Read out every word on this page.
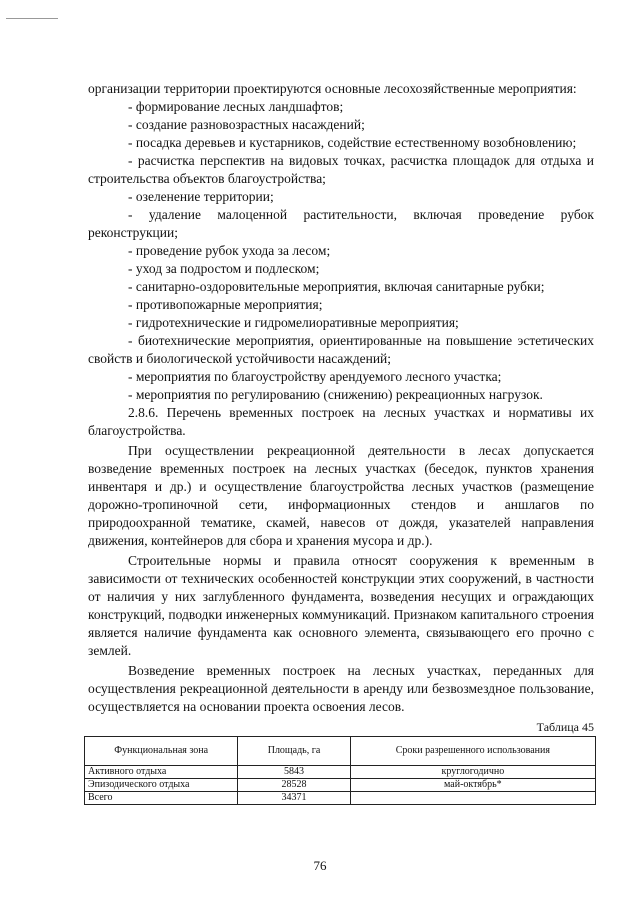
организации территории проектируются основные лесохозяйственные мероприятия:

- формирование лесных ландшафтов;

- создание разновозрастных насаждений;

- посадка деревьев и кустарников, содействие естественному возобновлению;

- расчистка перспектив на видовых точках, расчистка площадок для отдыха и строительства объектов благоустройства;

- озеленение территории;

- удаление малоценной растительности, включая проведение рубок реконструкции;

- проведение рубок ухода за лесом;

- уход за подростом и подлеском;

- санитарно-оздоровительные мероприятия, включая санитарные рубки;

- противопожарные мероприятия;

- гидротехнические и гидромелиоративные мероприятия;

- биотехнические мероприятия, ориентированные на повышение эстетических свойств и биологической устойчивости насаждений;

- мероприятия по благоустройству арендуемого лесного участка;

- мероприятия по регулированию (снижению) рекреационных нагрузок.

2.8.6. Перечень временных построек на лесных участках и нормативы их благоустройства.

При осуществлении рекреационной деятельности в лесах допускается возведение временных построек на лесных участках (беседок, пунктов хранения инвентаря и др.) и осуществление благоустройства лесных участков (размещение дорожно-тропиночной сети, информационных стендов и аншлагов по природоохранной тематике, скамей, навесов от дождя, указателей направления движения, контейнеров для сбора и хранения мусора и др.).

Строительные нормы и правила относят сооружения к временным в зависимости от технических особенностей конструкции этих сооружений, в частности от наличия у них заглубленного фундамента, возведения несущих и ограждающих конструкций, подводки инженерных коммуникаций. Признаком капитального строения является наличие фундамента как основного элемента, связывающего его прочно с землей.

Возведение временных построек на лесных участках, переданных для осуществления рекреационной деятельности в аренду или безвозмездное пользование, осуществляется на основании проекта освоения лесов.

Таблица 45
Функциональная зона	Площадь, га	Сроки разрешенного использования
Активного отдыха	5843	круглогодично
Эпизодического отдыха	28528	май-октябрь*
Всего	34371	
76
